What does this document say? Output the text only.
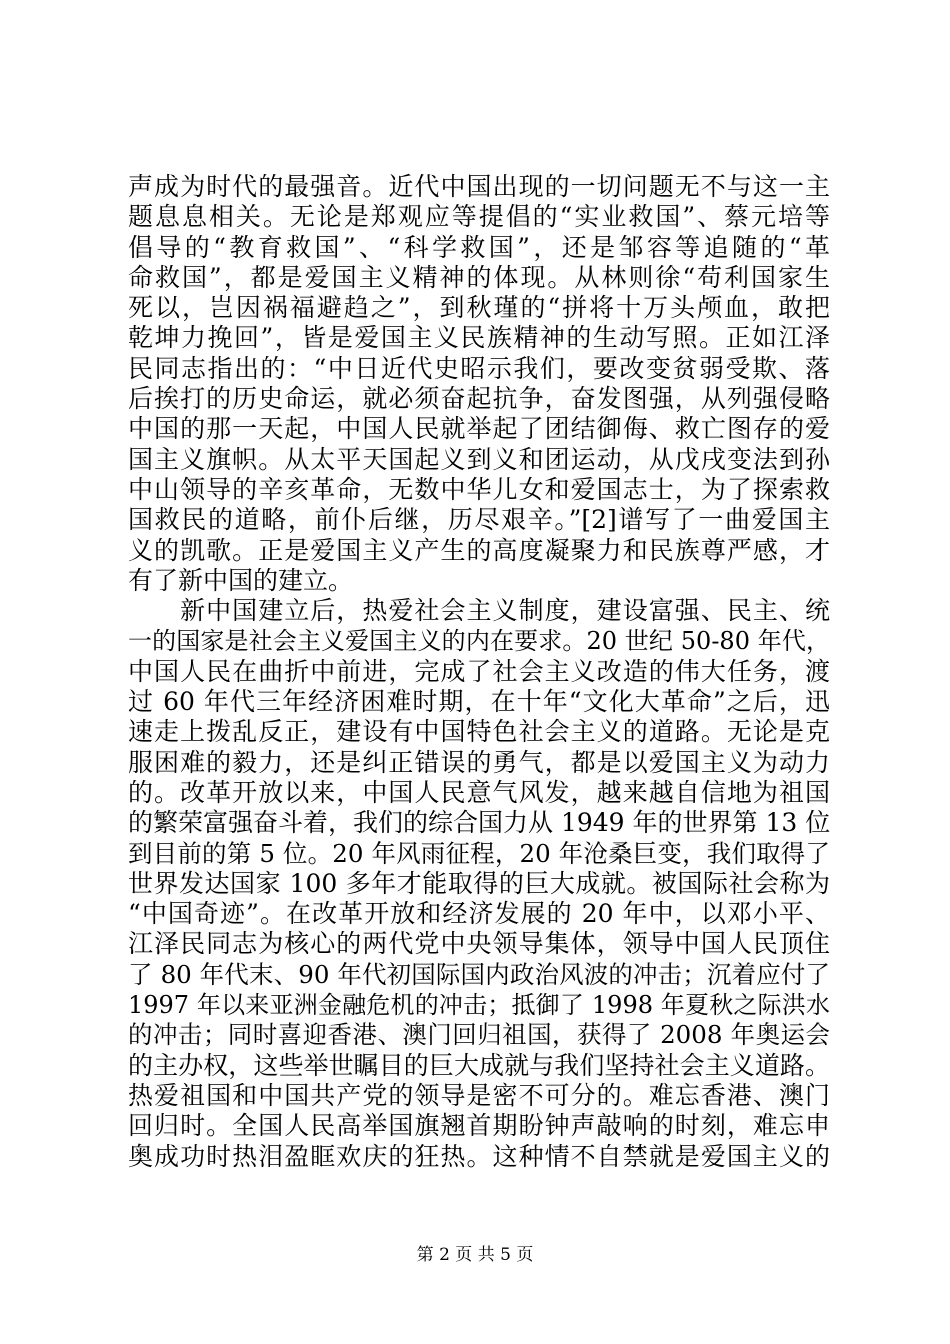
声成为时代的最强音。近代中国出现的一切问题无不与这一主
题息息相关。无论是郑观应等提倡的“实业救国”、蔡元培等
倡导的“教育救国”、“科学救国”，还是邹容等追随的“革
命救国”，都是爱国主义精神的体现。从林则徐“苟利国家生
死以，岂因祸福避趋之”，到秋瑾的“拼将十万头颅血，敢把
乾坤力挽回”，皆是爱国主义民族精神的生动写照。正如江泽
民同志指出的：“中日近代史昭示我们，要改变贫弱受欺、落
后挨打的历史命运，就必须奋起抗争，奋发图强，从列强侵略
中国的那一天起，中国人民就举起了团结御侮、救亡图存的爱
国主义旗帜。从太平天国起义到义和团运动，从戊戌变法到孙
中山领导的辛亥革命，无数中华儿女和爱国志士，为了探索救
国救民的道略，前仆后继，历尽艰辛。”[2]谱写了一曲爱国主
义的凯歌。正是爱国主义产生的高度凝聚力和民族尊严感，才
有了新中国的建立。
　　新中国建立后，热爱社会主义制度，建设富强、民主、统
一的国家是社会主义爱国主义的内在要求。20 世纪 50-80 年代，
中国人民在曲折中前进，完成了社会主义改造的伟大任务，渡
过 60 年代三年经济困难时期，在十年“文化大革命”之后，迅
速走上拨乱反正，建设有中国特色社会主义的道路。无论是克
服困难的毅力，还是纠正错误的勇气，都是以爱国主义为动力
的。改革开放以来，中国人民意气风发，越来越自信地为祖国
的繁荣富强奋斗着，我们的综合国力从 1949 年的世界第 13 位
到目前的第 5 位。20 年风雨征程，20 年沧桑巨变，我们取得了
世界发达国家 100 多年才能取得的巨大成就。被国际社会称为
“中国奇迹”。在改革开放和经济发展的 20 年中，以邓小平、
江泽民同志为核心的两代党中央领导集体，领导中国人民顶住
了 80 年代末、90 年代初国际国内政治风波的冲击；沉着应付了
1997 年以来亚洲金融危机的冲击；抵御了 1998 年夏秋之际洪水
的冲击；同时喜迎香港、澳门回归祖国，获得了 2008 年奥运会
的主办权，这些举世瞩目的巨大成就与我们坚持社会主义道路。
热爱祖国和中国共产党的领导是密不可分的。难忘香港、澳门
回归时。全国人民高举国旗翘首期盼钟声敲响的时刻，难忘申
奥成功时热泪盈眶欢庆的狂热。这种情不自禁就是爱国主义的
第 2 页 共 5 页
